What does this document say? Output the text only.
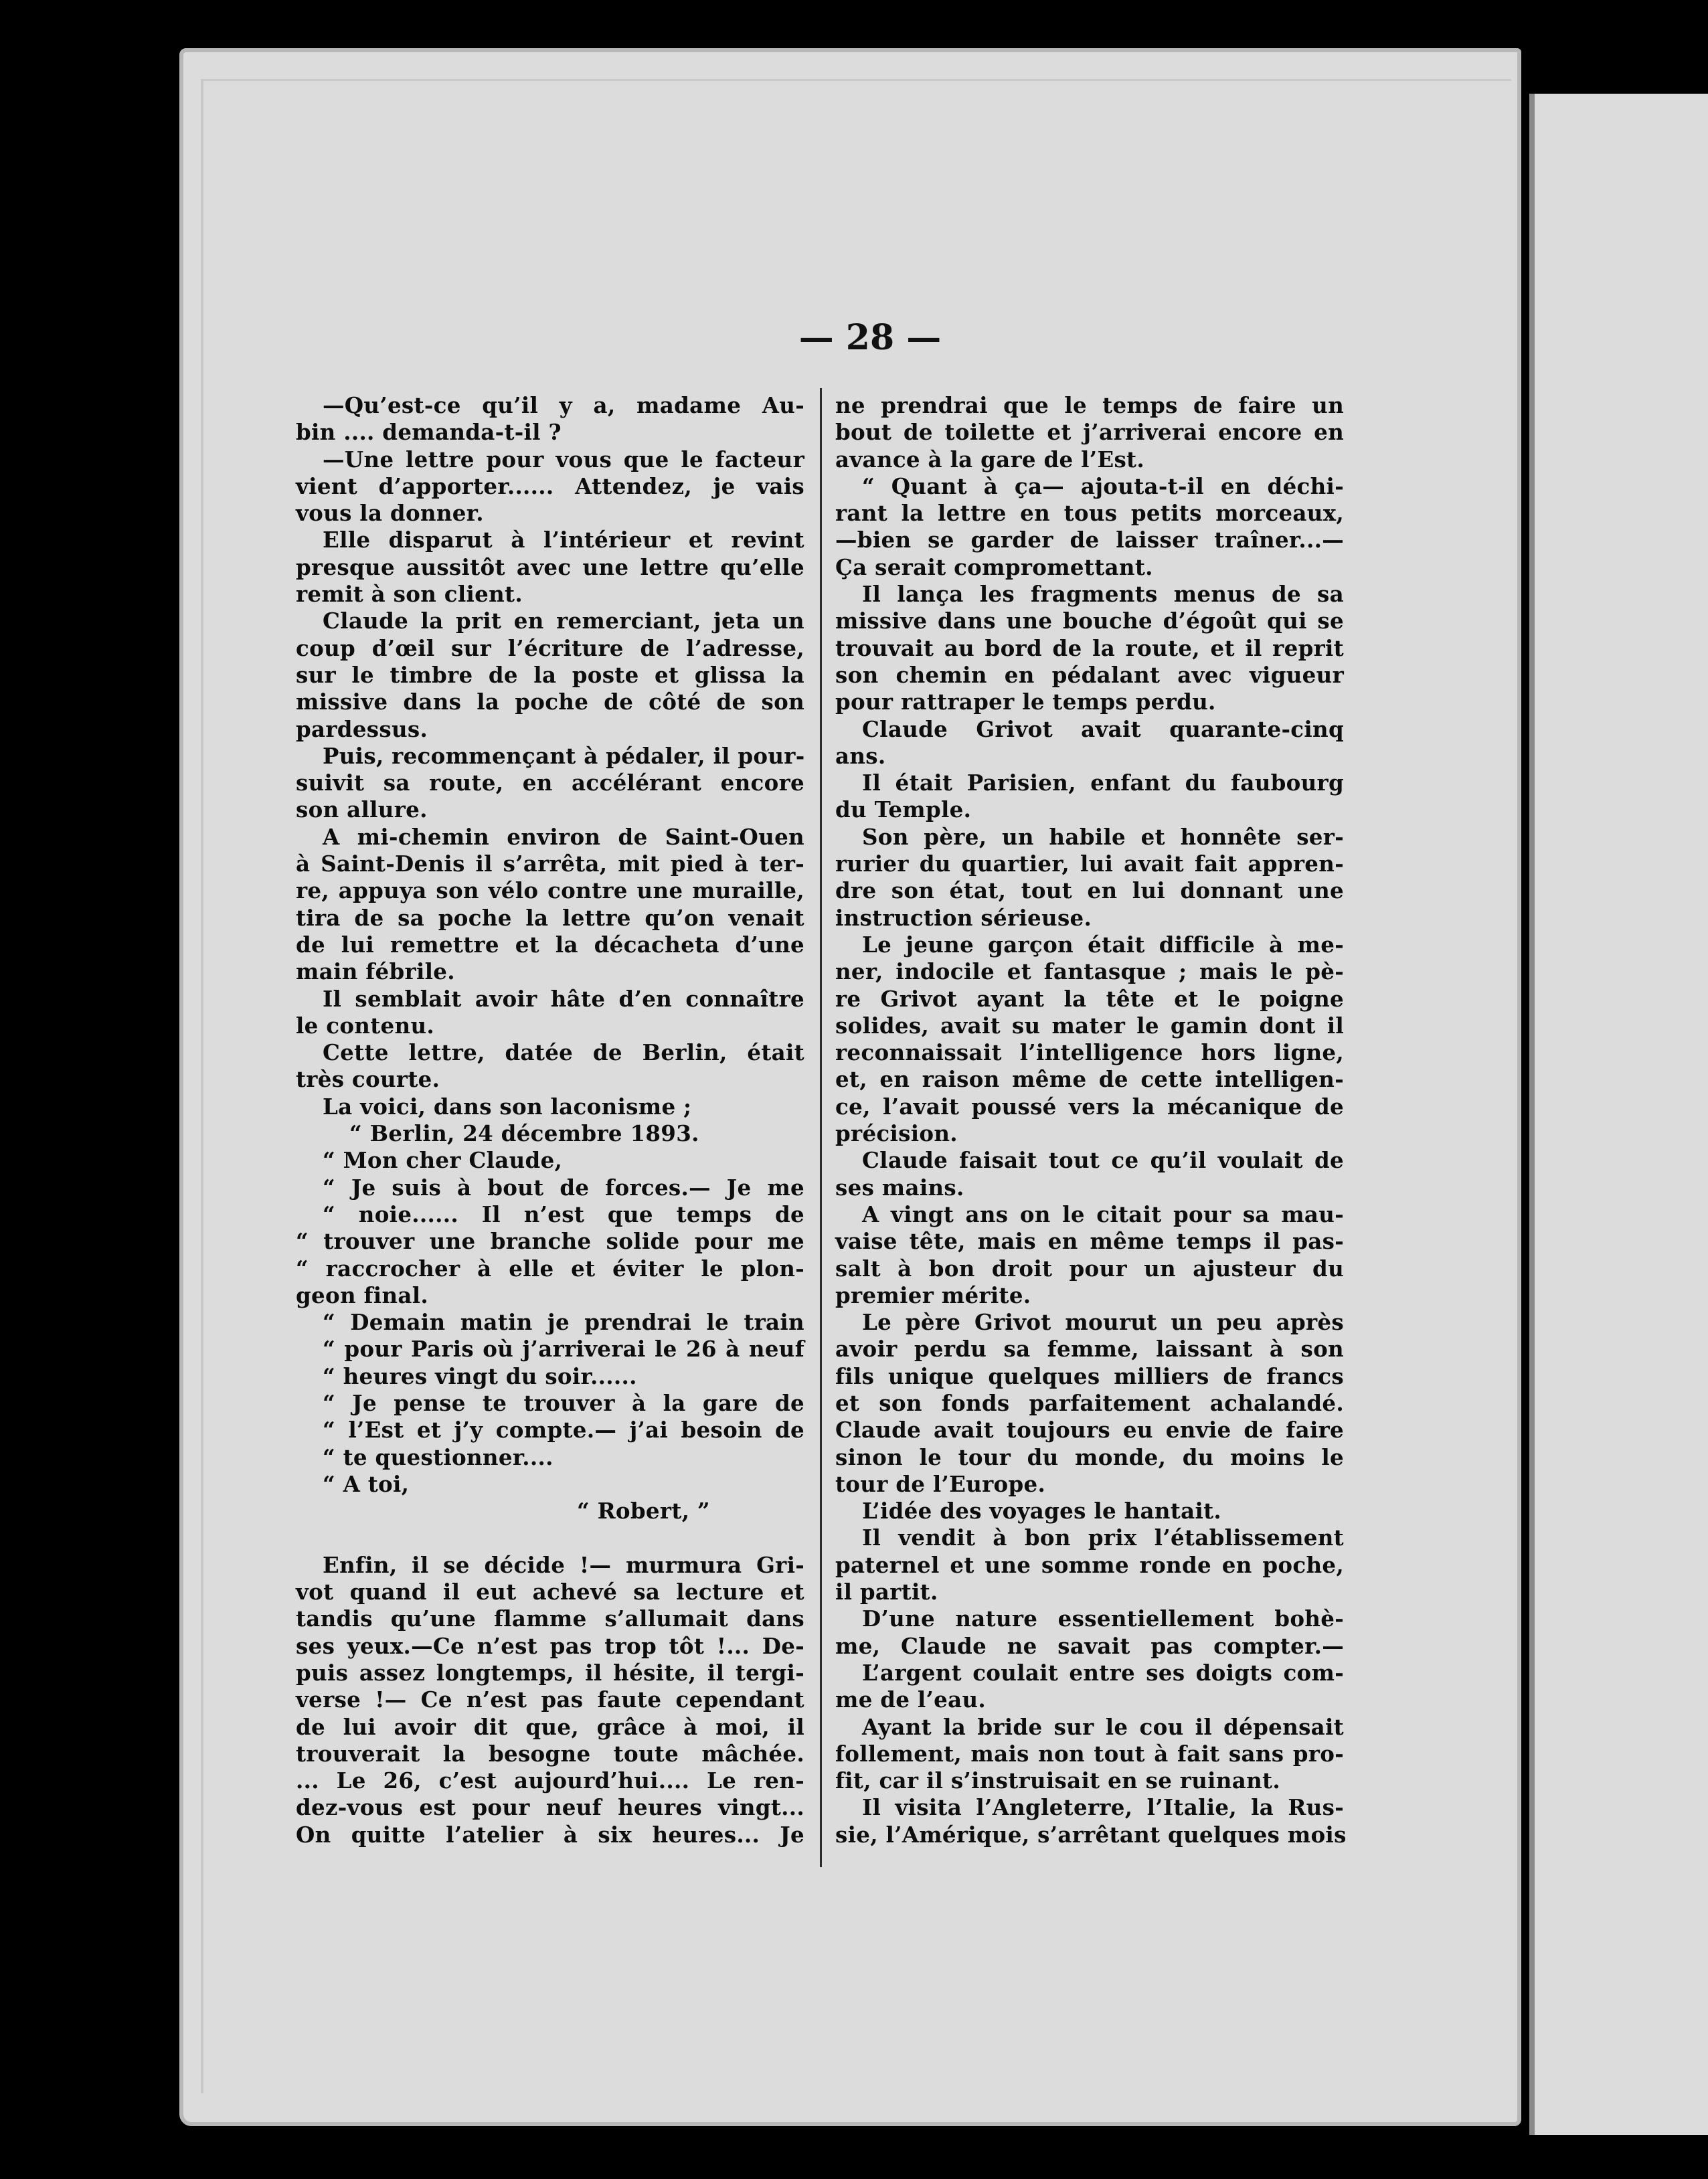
— 28 —
—Qu’est-ce qu’il y a, madame Au-
bin .... demanda-t-il ?
—Une lettre pour vous que le facteur
vient d’apporter...... Attendez, je vais
vous la donner.
Elle disparut à l’intérieur et revint
presque aussitôt avec une lettre qu’elle
remit à son client.
Claude la prit en remerciant, jeta un
coup d’œil sur l’écriture de l’adresse,
sur le timbre de la poste et glissa la
missive dans la poche de côté de son
pardessus.
Puis, recommençant à pédaler, il pour-
suivit sa route, en accélérant encore
son allure.
A mi-chemin environ de Saint-Ouen
à Saint-Denis il s’arrêta, mit pied à ter-
re, appuya son vélo contre une muraille,
tira de sa poche la lettre qu’on venait
de lui remettre et la décacheta d’une
main fébrile.
Il semblait avoir hâte d’en connaître
le contenu.
Cette lettre, datée de Berlin, était
très courte.
La voici, dans son laconisme ;
“ Berlin, 24 décembre 1893.
“ Mon cher Claude,
“ Je suis à bout de forces.— Je me
“ noie...... Il n’est que temps de
“ trouver une branche solide pour me
“ raccrocher à elle et éviter le plon-
geon final.
“ Demain matin je prendrai le train
“ pour Paris où j’arriverai le 26 à neuf
“ heures vingt du soir......
“ Je pense te trouver à la gare de
“ l’Est et j’y compte.— j’ai besoin de
“ te questionner....
“ A toi,
“ Robert, ”
Enfin, il se décide !— murmura Gri-
vot quand il eut achevé sa lecture et
tandis qu’une flamme s’allumait dans
ses yeux.—Ce n’est pas trop tôt !... De-
puis assez longtemps, il hésite, il tergi-
verse !— Ce n’est pas faute cependant
de lui avoir dit que, grâce à moi, il
trouverait la besogne toute mâchée.
... Le 26, c’est aujourd’hui.... Le ren-
dez-vous est pour neuf heures vingt...
On quitte l’atelier à six heures... Je
ne prendrai que le temps de faire un
bout de toilette et j’arriverai encore en
avance à la gare de l’Est.
“ Quant à ça— ajouta-t-il en déchi-
rant la lettre en tous petits morceaux,
—bien se garder de laisser traîner...—
Ça serait compromettant.
Il lança les fragments menus de sa
missive dans une bouche d’égoût qui se
trouvait au bord de la route, et il reprit
son chemin en pédalant avec vigueur
pour rattraper le temps perdu.
Claude Grivot avait quarante-cinq
ans.
Il était Parisien, enfant du faubourg
du Temple.
Son père, un habile et honnête ser-
rurier du quartier, lui avait fait appren-
dre son état, tout en lui donnant une
instruction sérieuse.
Le jeune garçon était difficile à me-
ner, indocile et fantasque ; mais le pè-
re Grivot ayant la tête et le poigne
solides, avait su mater le gamin dont il
reconnaissait l’intelligence hors ligne,
et, en raison même de cette intelligen-
ce, l’avait poussé vers la mécanique de
précision.
Claude faisait tout ce qu’il voulait de
ses mains.
A vingt ans on le citait pour sa mau-
vaise tête, mais en même temps il pas-
salt à bon droit pour un ajusteur du
premier mérite.
Le père Grivot mourut un peu après
avoir perdu sa femme, laissant à son
fils unique quelques milliers de francs
et son fonds parfaitement achalandé.
Claude avait toujours eu envie de faire
sinon le tour du monde, du moins le
tour de l’Europe.
L’idée des voyages le hantait.
Il vendit à bon prix l’établissement
paternel et une somme ronde en poche,
il partit.
D’une nature essentiellement bohè-
me, Claude ne savait pas compter.—
L’argent coulait entre ses doigts com-
me de l’eau.
Ayant la bride sur le cou il dépensait
follement, mais non tout à fait sans pro-
fit, car il s’instruisait en se ruinant.
Il visita l’Angleterre, l’Italie, la Rus-
sie, l’Amérique, s’arrêtant quelques mois
